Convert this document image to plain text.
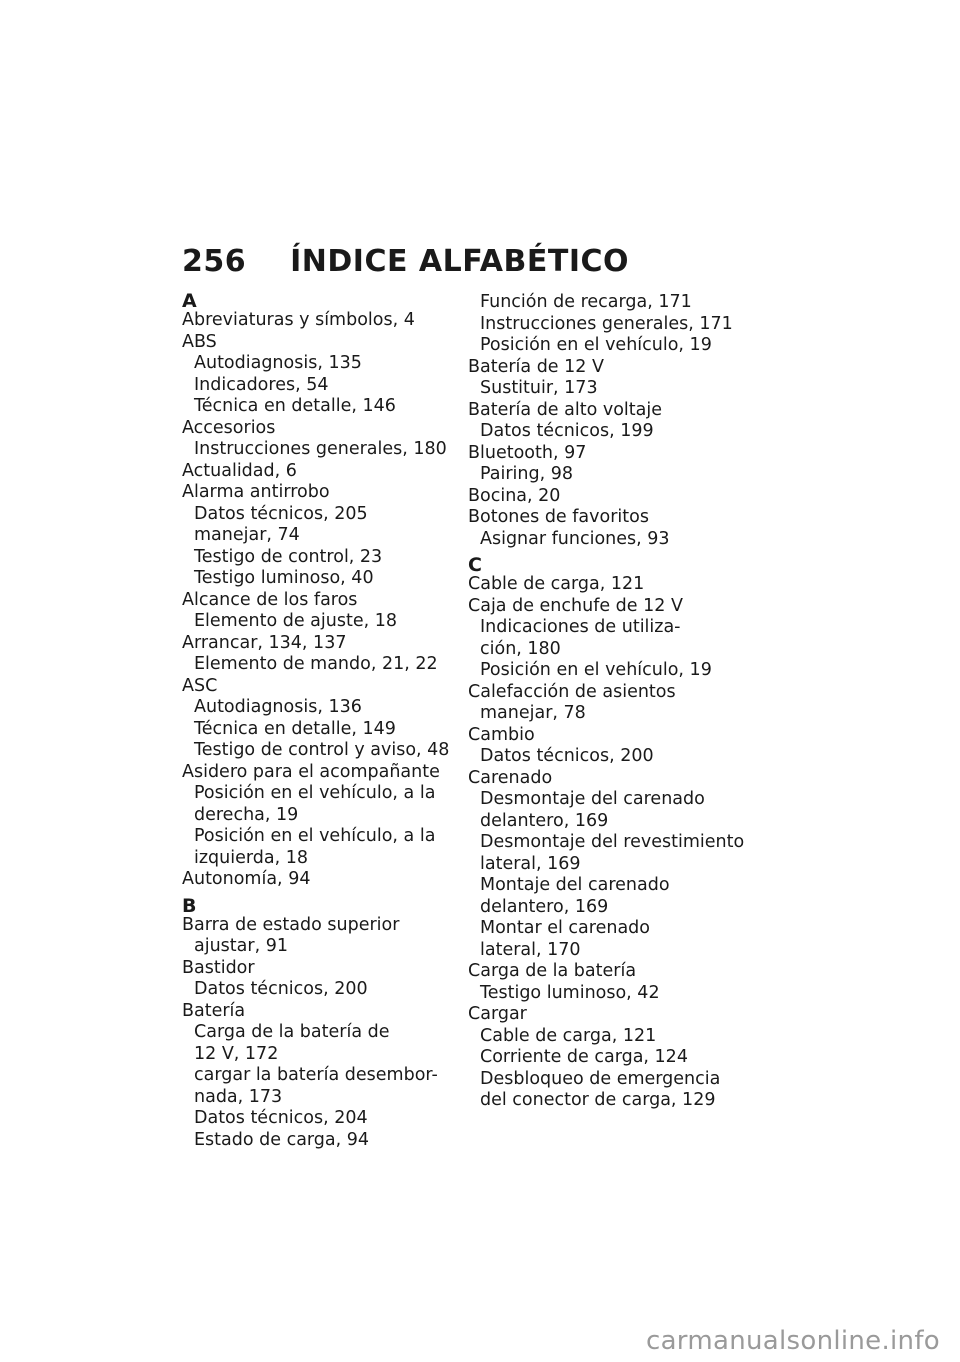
256 ÍNDICE ALFABÉTICO
A
Abreviaturas y símbolos, 4
ABS
Autodiagnosis, 135
Indicadores, 54
Técnica en detalle, 146
Accesorios
Instrucciones generales, 180
Actualidad, 6
Alarma antirrobo
Datos técnicos, 205
manejar, 74
Testigo de control, 23
Testigo luminoso, 40
Alcance de los faros
Elemento de ajuste, 18
Arrancar, 134, 137
Elemento de mando, 21, 22
ASC
Autodiagnosis, 136
Técnica en detalle, 149
Testigo de control y aviso, 48
Asidero para el acompañante
Posición en el vehículo, a la
derecha, 19
Posición en el vehículo, a la
izquierda, 18
Autonomía, 94
B
Barra de estado superior
ajustar, 91
Bastidor
Datos técnicos, 200
Batería
Carga de la batería de
12 V, 172
cargar la batería desembor-
nada, 173
Datos técnicos, 204
Estado de carga, 94
Función de recarga, 171
Instrucciones generales, 171
Posición en el vehículo, 19
Batería de 12 V
Sustituir, 173
Batería de alto voltaje
Datos técnicos, 199
Bluetooth, 97
Pairing, 98
Bocina, 20
Botones de favoritos
Asignar funciones, 93
C
Cable de carga, 121
Caja de enchufe de 12 V
Indicaciones de utiliza-
ción, 180
Posición en el vehículo, 19
Calefacción de asientos
manejar, 78
Cambio
Datos técnicos, 200
Carenado
Desmontaje del carenado
delantero, 169
Desmontaje del revestimiento
lateral, 169
Montaje del carenado
delantero, 169
Montar el carenado
lateral, 170
Carga de la batería
Testigo luminoso, 42
Cargar
Cable de carga, 121
Corriente de carga, 124
Desbloqueo de emergencia
del conector de carga, 129
carmanualsonline.info
